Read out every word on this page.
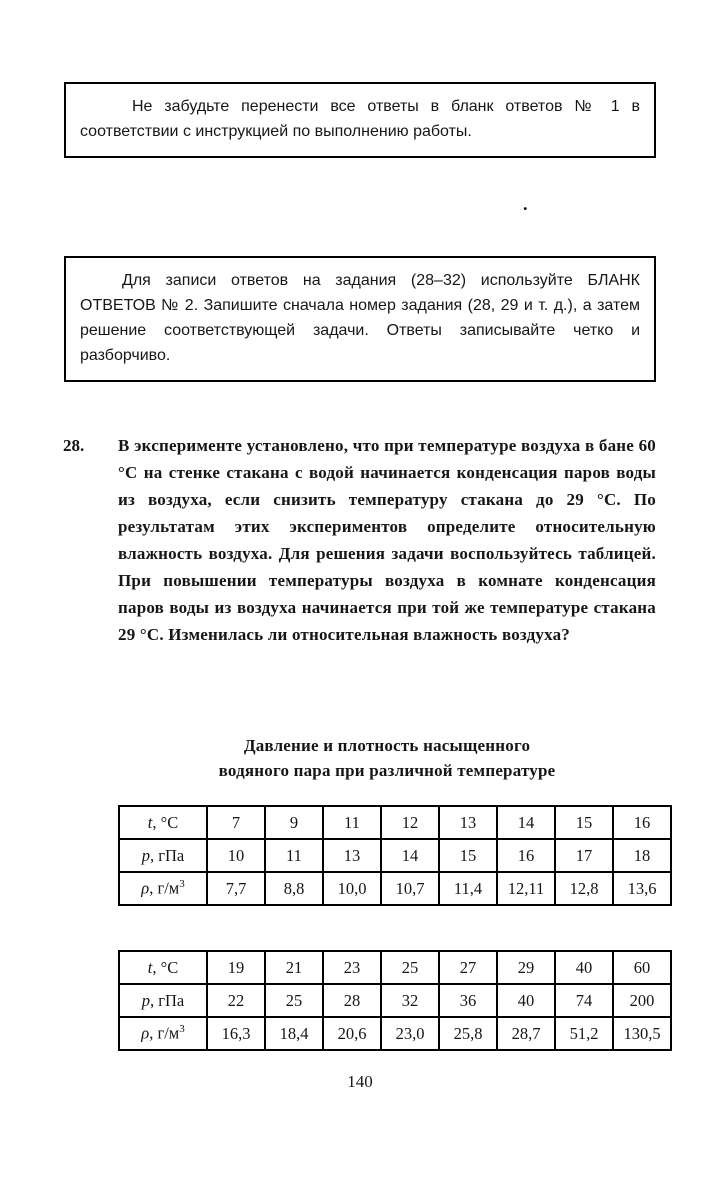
Не забудьте перенести все ответы в бланк ответов № 1 в соответствии с инструкцией по выполнению работы.

.

Для записи ответов на задания (28–32) используйте БЛАНК ОТВЕТОВ № 2. Запишите сначала номер задания (28, 29 и т. д.), а затем решение соответствующей задачи. Ответы записывайте четко и разборчиво.

28. В эксперименте установлено, что при температуре воздуха в бане 60 °С на стенке стакана с водой начинается конденсация паров воды из воздуха, если снизить температуру стакана до 29 °С. По результатам этих экспериментов определите относительную влажность воздуха. Для решения задачи воспользуйтесь таблицей. При повышении температуры воздуха в комнате конденсация паров воды из воздуха начинается при той же температуре стакана 29 °С. Изменилась ли относительная влажность воздуха?

Давление и плотность насыщенного
водяного пара при различной температуре
t, °С	7	9	11	12	13	14	15	16
p, гПа	10	11	13	14	15	16	17	18
ρ, $г/м^3$	7,7	8,8	10,0	10,7	11,4	12,11	12,8	13,6
t, °С	19	21	23	25	27	29	40	60
p, гПа	22	25	28	32	36	40	74	200
ρ, $г/м^3$	16,3	18,4	20,6	23,0	25,8	28,7	51,2	130,5
140
